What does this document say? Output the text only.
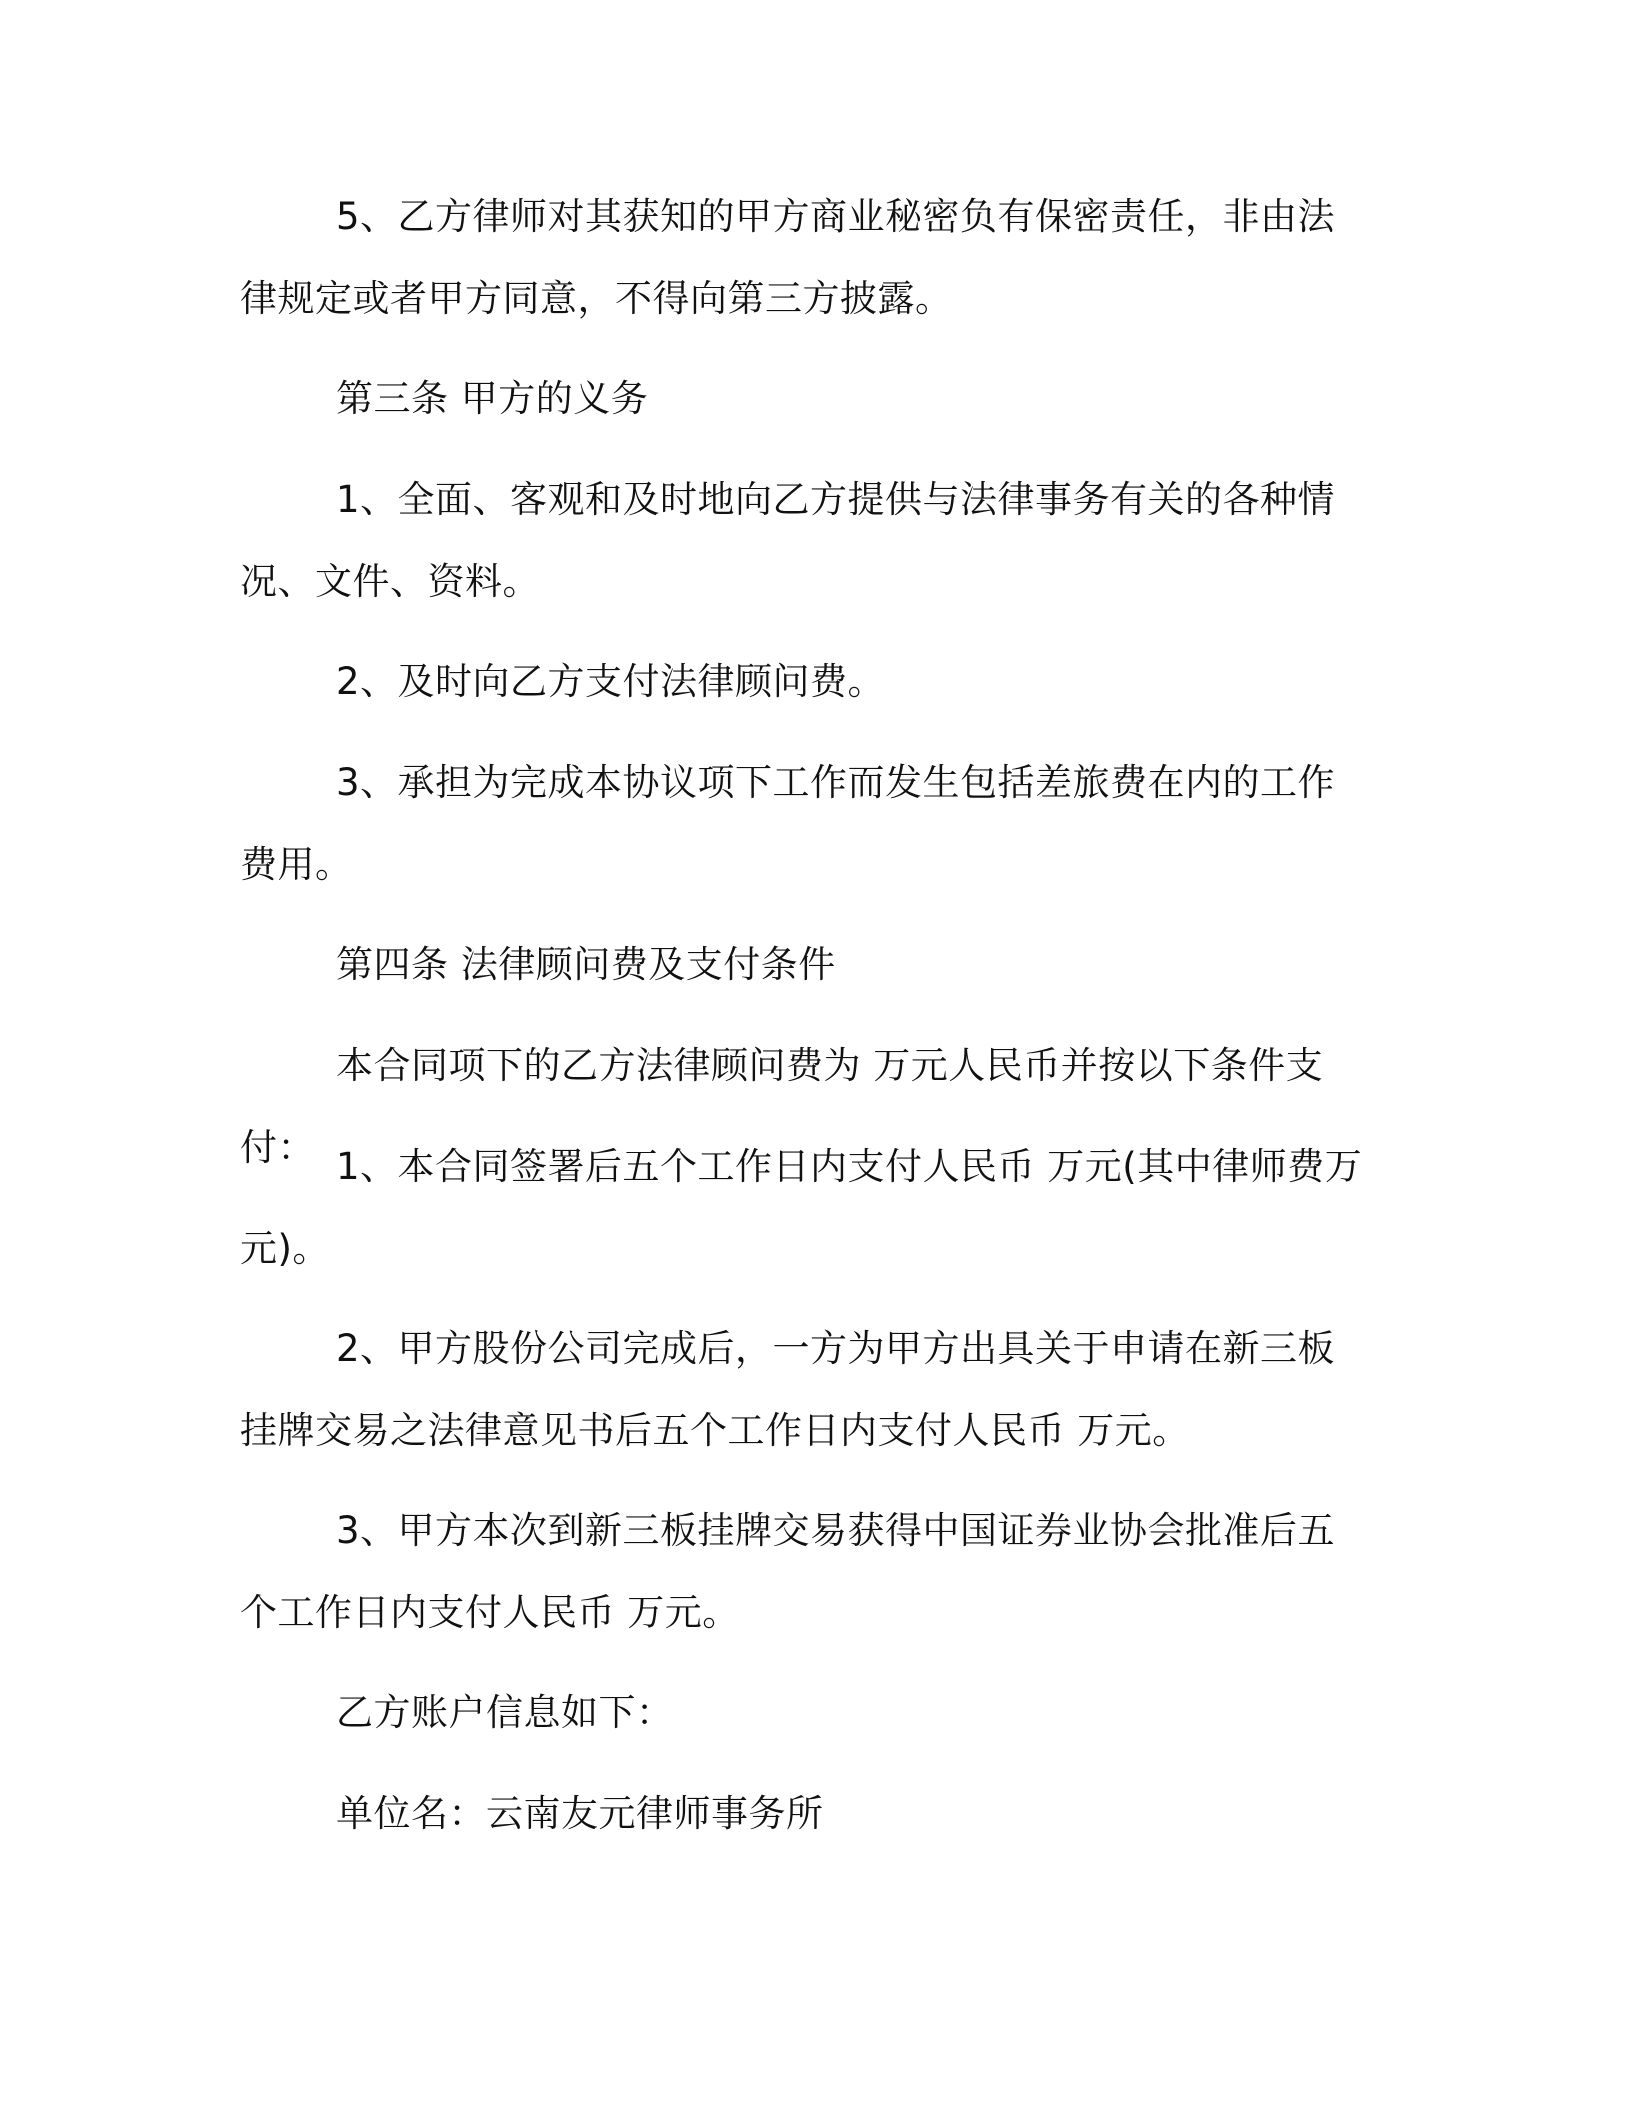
5、乙方律师对其获知的甲方商业秘密负有保密责任，非由法律规定或者甲方同意，不得向第三方披露。

第三条 甲方的义务

1、全面、客观和及时地向乙方提供与法律事务有关的各种情况、文件、资料。

2、及时向乙方支付法律顾问费。

3、承担为完成本协议项下工作而发生包括差旅费在内的工作费用。

第四条 法律顾问费及支付条件

本合同项下的乙方法律顾问费为 万元人民币并按以下条件支付： 1、本合同签署后五个工作日内支付人民币 万元(其中律师费万元)。

2、甲方股份公司完成后，一方为甲方出具关于申请在新三板挂牌交易之法律意见书后五个工作日内支付人民币 万元。

3、甲方本次到新三板挂牌交易获得中国证券业协会批准后五个工作日内支付人民币 万元。

乙方账户信息如下：

单位名：云南友元律师事务所
